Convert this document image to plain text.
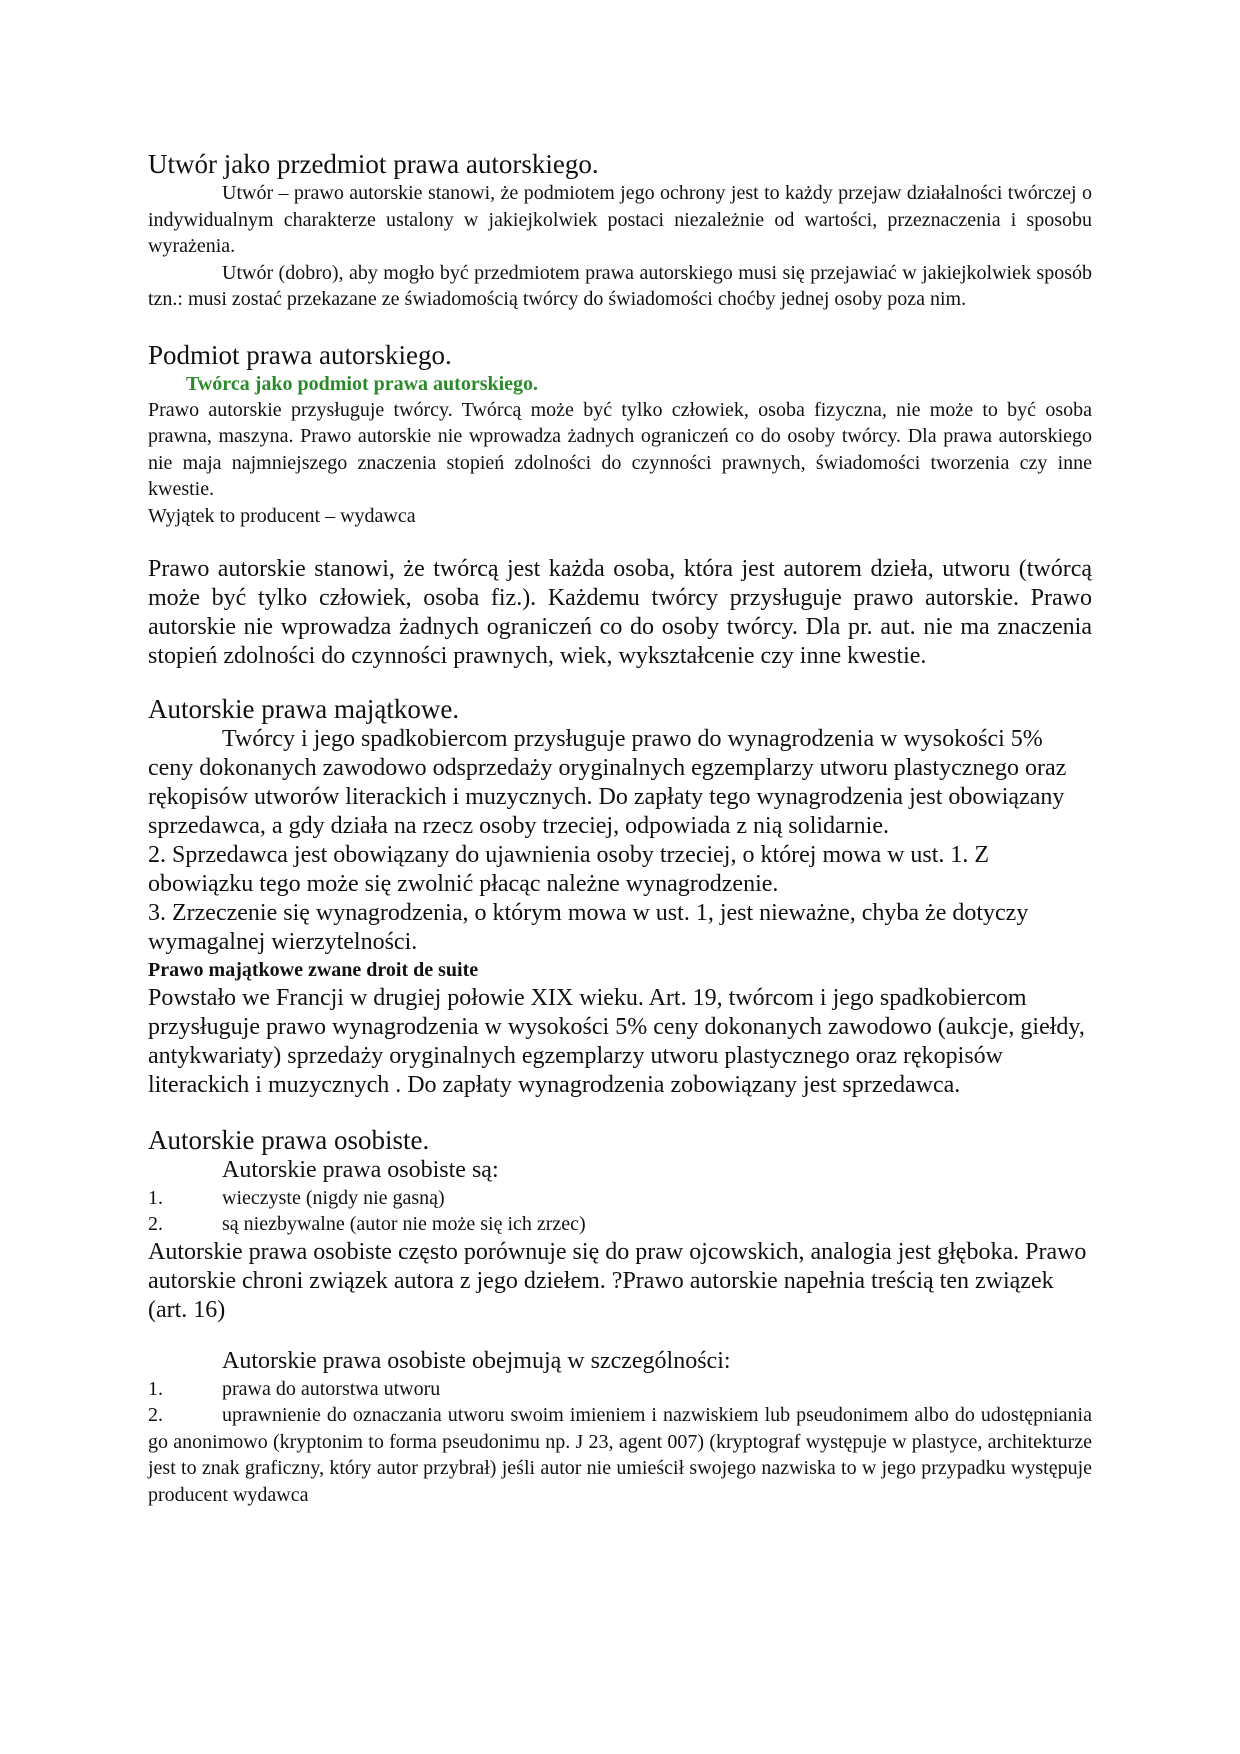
Utwór jako przedmiot prawa autorskiego.

Utwór – prawo autorskie stanowi, że podmiotem jego ochrony jest to każdy przejaw działalności twórczej o indywidualnym charakterze ustalony w jakiejkolwiek postaci niezależnie od wartości, przeznaczenia i sposobu wyrażenia.

Utwór (dobro), aby mogło być przedmiotem prawa autorskiego musi się przejawiać w jakiejkolwiek sposób tzn.: musi zostać przekazane ze świadomością twórcy do świadomości choćby jednej osoby poza nim.

Podmiot prawa autorskiego.

Twórca jako podmiot prawa autorskiego.

Prawo autorskie przysługuje twórcy. Twórcą może być tylko człowiek, osoba fizyczna, nie może to być osoba prawna, maszyna. Prawo autorskie nie wprowadza żadnych ograniczeń co do osoby twórcy. Dla prawa autorskiego nie maja najmniejszego znaczenia stopień zdolności do czynności prawnych, świadomości tworzenia czy inne kwestie.

Wyjątek to producent – wydawca

Prawo autorskie stanowi, że twórcą jest każda osoba, która jest autorem dzieła, utworu (twórcą może być tylko człowiek, osoba fiz.). Każdemu twórcy przysługuje prawo autorskie. Prawo autorskie nie wprowadza żadnych ograniczeń co do osoby twórcy. Dla pr. aut. nie ma znaczenia stopień zdolności do czynności prawnych, wiek, wykształcenie czy inne kwestie.

Autorskie prawa majątkowe.

Twórcy i jego spadkobiercom przysługuje prawo do wynagrodzenia w wysokości 5% ceny dokonanych zawodowo odsprzedaży oryginalnych egzemplarzy utworu plastycznego oraz rękopisów utworów literackich i muzycznych. Do zapłaty tego wynagrodzenia jest obowiązany sprzedawca, a gdy działa na rzecz osoby trzeciej, odpowiada z nią solidarnie.

2. Sprzedawca jest obowiązany do ujawnienia osoby trzeciej, o której mowa w ust. 1. Z obowiązku tego może się zwolnić płacąc należne wynagrodzenie.

3. Zrzeczenie się wynagrodzenia, o którym mowa w ust. 1, jest nieważne, chyba że dotyczy wymagalnej wierzytelności.

Prawo majątkowe zwane droit de suite

Powstało we Francji w drugiej połowie XIX wieku. Art. 19, twórcom i jego spadkobiercom przysługuje prawo wynagrodzenia w wysokości 5% ceny dokonanych zawodowo (aukcje, giełdy, antykwariaty) sprzedaży oryginalnych egzemplarzy utworu plastycznego oraz rękopisów literackich i muzycznych . Do zapłaty wynagrodzenia zobowiązany jest sprzedawca.

Autorskie prawa osobiste.

Autorskie prawa osobiste są:

1.	wieczyste (nigdy nie gasną)
2.	są niezbywalne (autor nie może się ich zrzec)

Autorskie prawa osobiste często porównuje się do praw ojcowskich, analogia jest głęboka. Prawo autorskie chroni związek autora z jego dziełem. ?Prawo autorskie napełnia treścią ten związek (art. 16)

Autorskie prawa osobiste obejmują w szczególności:

1.	prawa do autorstwa utworu

2.	uprawnienie do oznaczania utworu swoim imieniem i nazwiskiem lub pseudonimem albo do udostępniania go anonimowo (kryptonim to forma pseudonimu np. J 23, agent 007) (kryptograf występuje w plastyce, architekturze jest to znak graficzny, który autor przybrał) jeśli autor nie umieścił swojego nazwiska to w jego przypadku występuje producent wydawca
